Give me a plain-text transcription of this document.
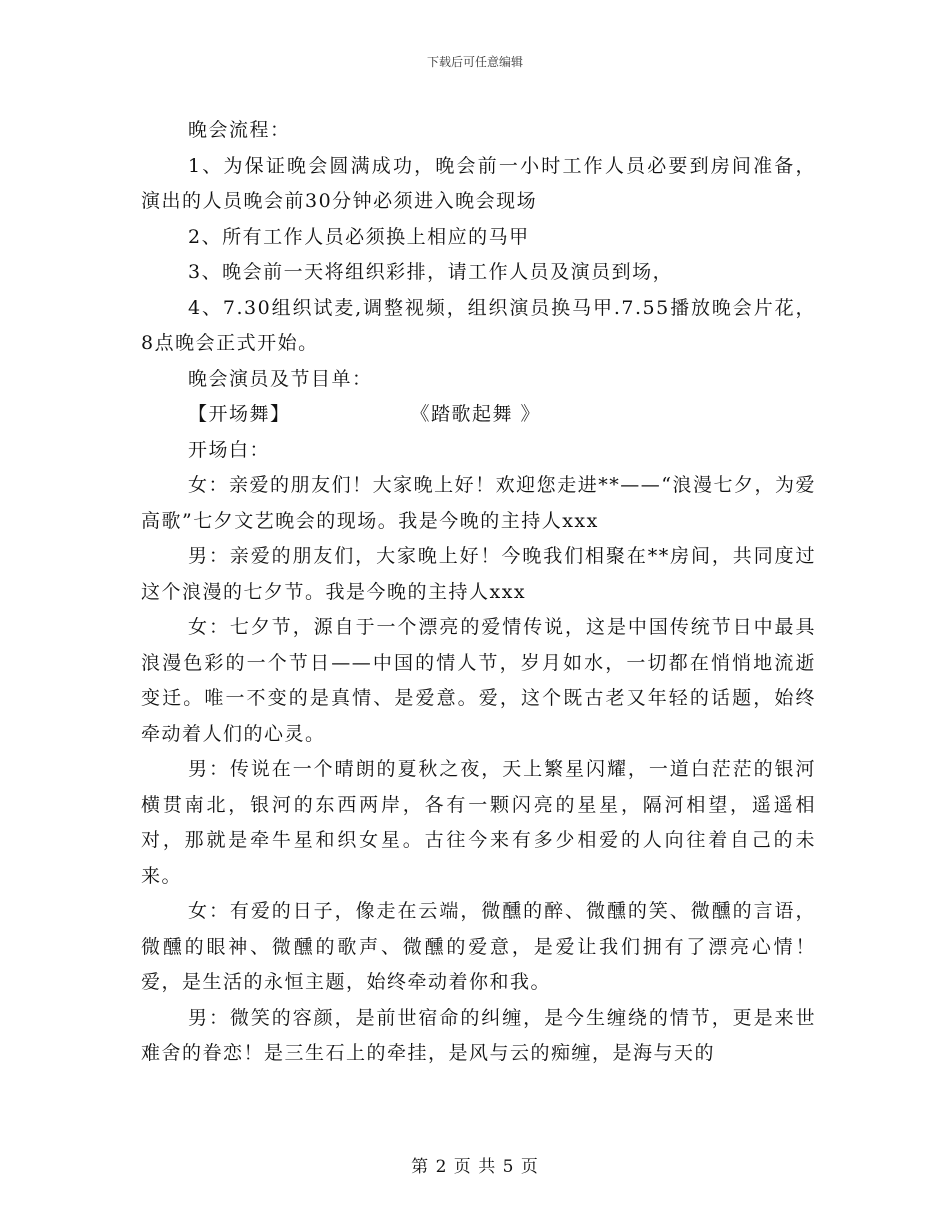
下载后可任意编辑

晚会流程：

1、为保证晚会圆满成功，晚会前一小时工作人员必要到房间准备，演出的人员晚会前30分钟必须进入晚会现场

2、所有工作人员必须换上相应的马甲

3、晚会前一天将组织彩排，请工作人员及演员到场，

4、7.30组织试麦,调整视频，组织演员换马甲.7.55播放晚会片花，8点晚会正式开始。

晚会演员及节目单：

【开场舞】	《踏歌起舞 》

开场白：

女：亲爱的朋友们！大家晚上好！欢迎您走进**——“浪漫七夕，为爱高歌”七夕文艺晚会的现场。我是今晚的主持人xxx

男：亲爱的朋友们，大家晚上好！今晚我们相聚在**房间，共同度过这个浪漫的七夕节。我是今晚的主持人xxx

女：七夕节，源自于一个漂亮的爱情传说，这是中国传统节日中最具浪漫色彩的一个节日——中国的情人节，岁月如水，一切都在悄悄地流逝变迁。唯一不变的是真情、是爱意。爱，这个既古老又年轻的话题，始终牵动着人们的心灵。

男：传说在一个晴朗的夏秋之夜，天上繁星闪耀，一道白茫茫的银河横贯南北，银河的东西两岸，各有一颗闪亮的星星，隔河相望，遥遥相对，那就是牵牛星和织女星。古往今来有多少相爱的人向往着自己的未来。

女：有爱的日子，像走在云端，微醺的醉、微醺的笑、微醺的言语，微醺的眼神、微醺的歌声、微醺的爱意，是爱让我们拥有了漂亮心情！爱，是生活的永恒主题，始终牵动着你和我。

男：微笑的容颜，是前世宿命的纠缠，是今生缠绕的情节，更是来世难舍的眷恋！是三生石上的牵挂，是风与云的痴缠，是海与天的

第 2 页 共 5 页
